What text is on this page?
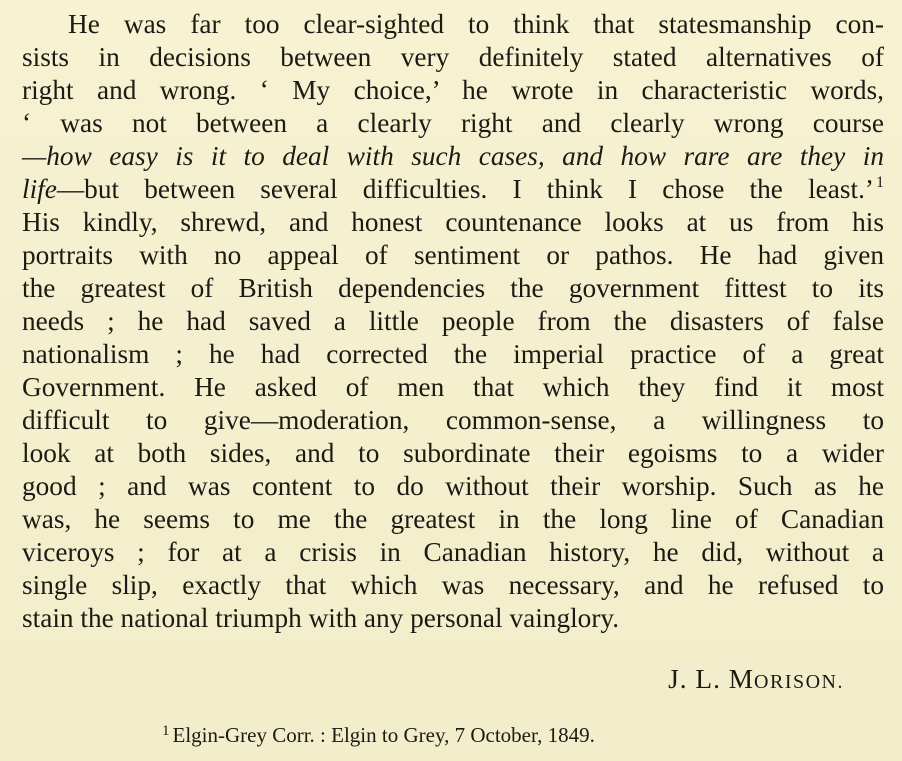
He was far too clear-sighted to think that statesmanship con-
sists in decisions between very definitely stated alternatives of
right and wrong. ‘ My choice,’ he wrote in characteristic words,
‘ was not between a clearly right and clearly wrong course
—how easy is it to deal with such cases, and how rare are they in
life—but between several difficulties. I think I chose the least.’ $^1$
His kindly, shrewd, and honest countenance looks at us from his
portraits with no appeal of sentiment or pathos. He had given
the greatest of British dependencies the government fittest to its
needs ; he had saved a little people from the disasters of false
nationalism ; he had corrected the imperial practice of a great
Government. He asked of men that which they find it most
difficult to give—moderation, common-sense, a willingness to
look at both sides, and to subordinate their egoisms to a wider
good ; and was content to do without their worship. Such as he
was, he seems to me the greatest in the long line of Canadian
viceroys ; for at a crisis in Canadian history, he did, without a
single slip, exactly that which was necessary, and he refused to
stain the national triumph with any personal vainglory.
J. L. MORISON.
$^1$ Elgin-Grey Corr. : Elgin to Grey, 7 October, 1849.
